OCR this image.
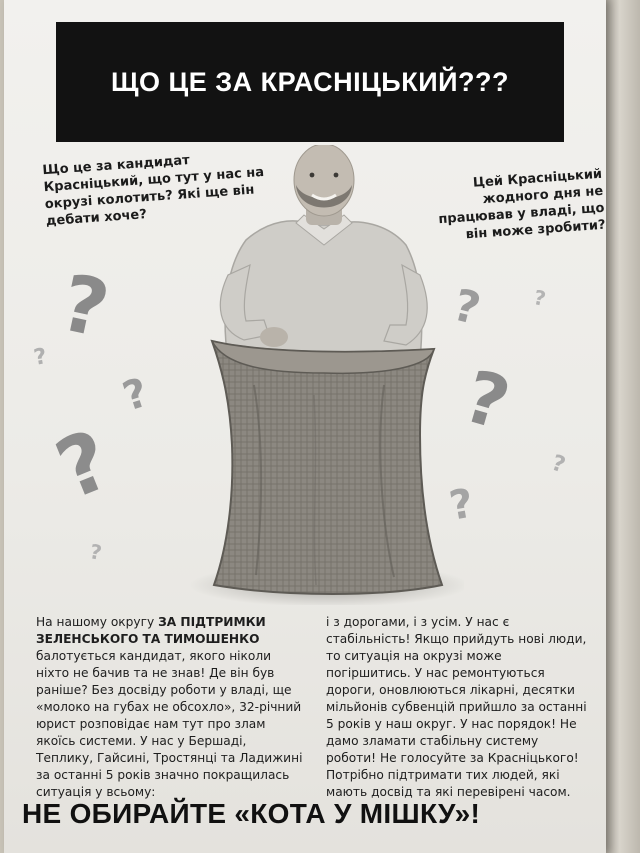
ЩО ЦЕ ЗА КРАСНІЦЬКИЙ???
Що це за кандидат Красніцький, що тут у нас на окрузі колотить? Які ще він дебати хоче?
Цей Красніцький жодного дня не працював у владі, що він може зробити?
?
?
?
?
?
? ?
?
?
?
На нашому округу ЗА ПІДТРИМКИ ЗЕЛЕНСЬКОГО ТА ТИМОШЕНКО балотується кандидат, якого ніколи ніхто не бачив та не знав! Де він був раніше? Без досвіду роботи у владі, ще «молоко на губах не обсохло», 32-річний юрист розповідає нам тут про злам якоїсь системи. У нас у Бершаді, Теплику, Гайсині, Тростянці та Ладижині за останні 5 років значно покращилась ситуація у всьому:
і з дорогами, і з усім. У нас є стабільність! Якщо прийдуть нові люди, то ситуація на окрузі може погіршитись. У нас ремонтуються дороги, оновлюються лікарні, десятки мільйонів субвенцій прийшло за останні 5 років у наш округ. У нас порядок! Не дамо зламати стабільну систему роботи! Не голосуйте за Красніцького! Потрібно підтримати тих людей, які мають досвід та які перевірені часом.
НЕ ОБИРАЙТЕ «КОТА У МІШКУ»!
